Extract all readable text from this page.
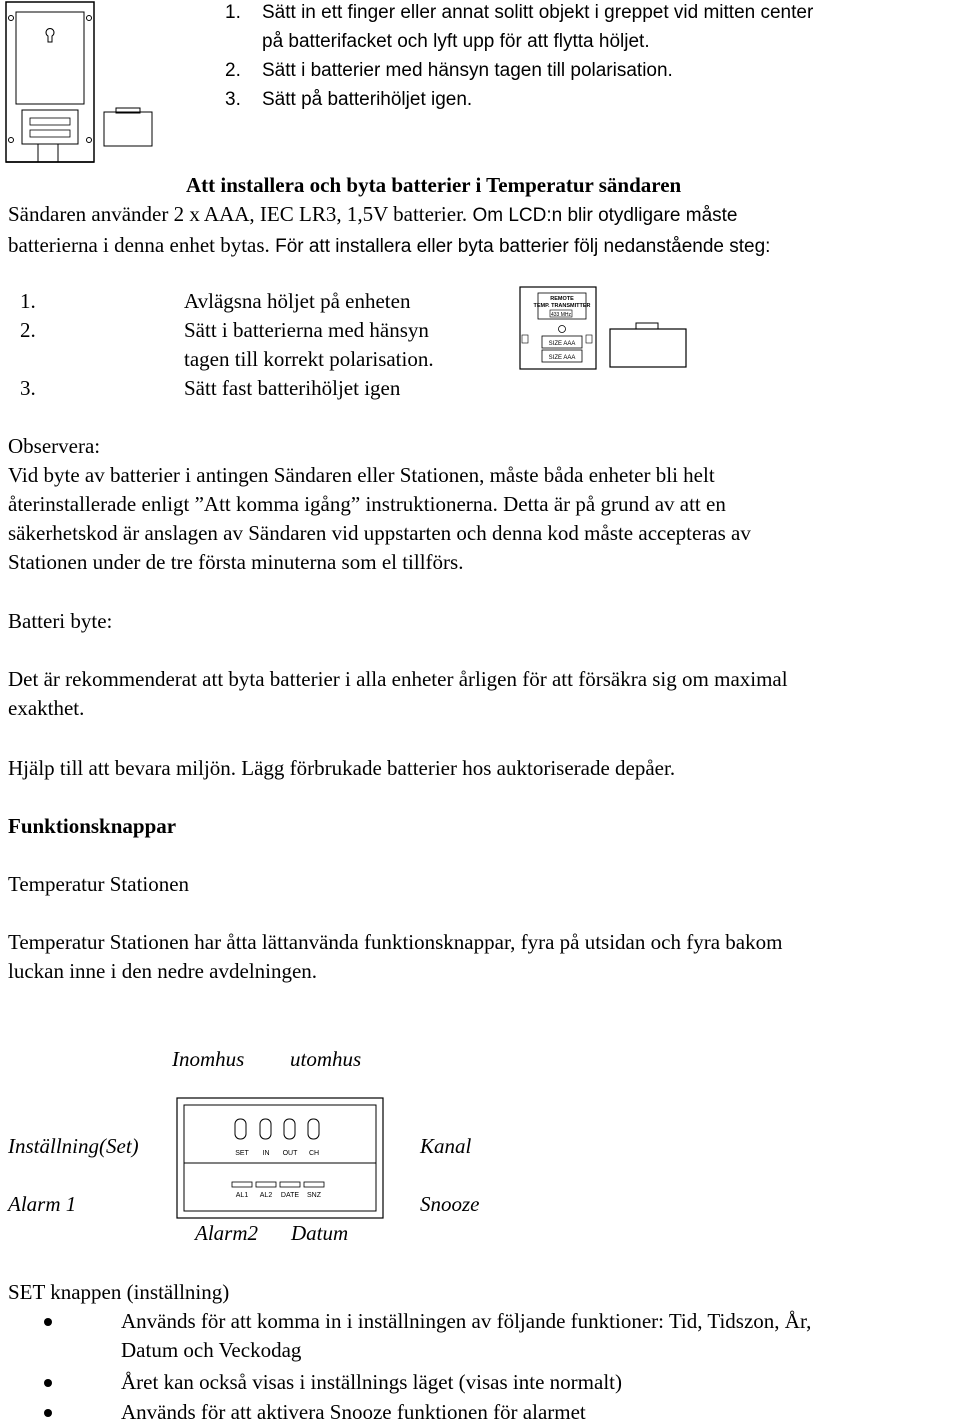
1. Sätt in ett finger eller annat solitt objekt i greppet vid mitten center
på batterifacket och lyft upp för att flytta höljet.
2. Sätt i batterier med hänsyn tagen till polarisation.
3. Sätt på batterihöljet igen.
Att installera och byta batterier i Temperatur sändaren
Sändaren använder 2 x AAA, IEC LR3, 1,5V batterier. Om LCD:n blir otydligare måste
batterierna i denna enhet bytas. För att installera eller byta batterier följ nedanstående steg:
1.	Avlägsna höljet på enheten
2.	Sätt i batterierna med hänsyn
tagen till korrekt polarisation.
3.	Sätt fast batterihöljet igen
REMOTE
TEMP. TRANSMITTER
433 MHz
SIZE AAA
SIZE AAA
Observera:
Vid byte av batterier i antingen Sändaren eller Stationen, måste båda enheter bli helt
återinstallerade enligt ”Att komma igång” instruktionerna. Detta är på grund av att en
säkerhetskod är anslagen av Sändaren vid uppstarten och denna kod måste accepteras av
Stationen under de tre första minuterna som el tillförs.
Batteri byte:
Det är rekommenderat att byta batterier i alla enheter årligen för att försäkra sig om maximal
exakthet.
Hjälp till att bevara miljön. Lägg förbrukade batterier hos auktoriserade depåer.
Funktionsknappar
Temperatur Stationen
Temperatur Stationen har åtta lättanvända funktionsknappar, fyra på utsidan och fyra bakom
luckan inne i den nedre avdelningen.
Inomhus utomhus
Inställning(Set)	Kanal
Alarm 1	Snooze
Alarm2 Datum
SET IN OUT CH
AL1 AL2 DATE SNZ
SET knappen (inställning)
Används för att komma in i inställningen av följande funktioner: Tid, Tidszon, År,
Datum och Veckodag
Året kan också visas i inställnings läget (visas inte normalt)
Används för att aktivera Snooze funktionen för alarmet
